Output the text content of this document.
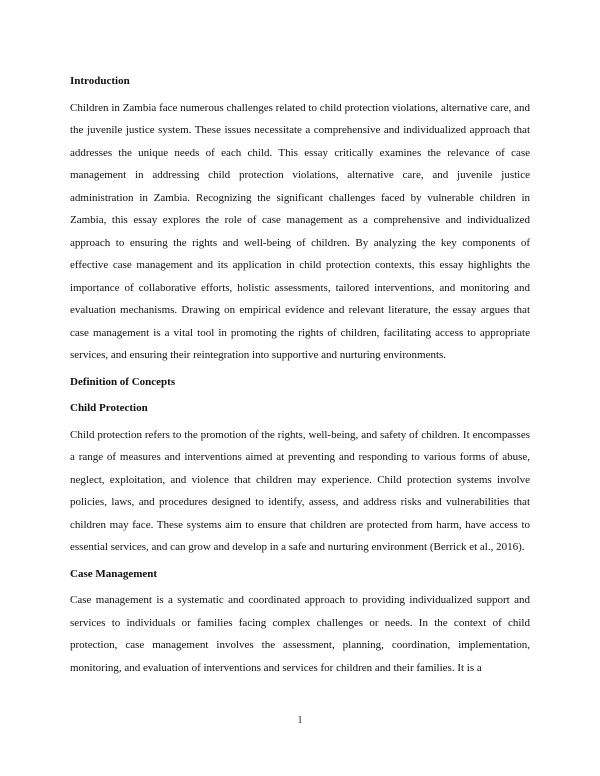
Introduction

Children in Zambia face numerous challenges related to child protection violations, alternative care, and the juvenile justice system. These issues necessitate a comprehensive and individualized approach that addresses the unique needs of each child. This essay critically examines the relevance of case management in addressing child protection violations, alternative care, and juvenile justice administration in Zambia. Recognizing the significant challenges faced by vulnerable children in Zambia, this essay explores the role of case management as a comprehensive and individualized approach to ensuring the rights and well-being of children. By analyzing the key components of effective case management and its application in child protection contexts, this essay highlights the importance of collaborative efforts, holistic assessments, tailored interventions, and monitoring and evaluation mechanisms. Drawing on empirical evidence and relevant literature, the essay argues that case management is a vital tool in promoting the rights of children, facilitating access to appropriate services, and ensuring their reintegration into supportive and nurturing environments.

Definition of Concepts
Child Protection

Child protection refers to the promotion of the rights, well-being, and safety of children. It encompasses a range of measures and interventions aimed at preventing and responding to various forms of abuse, neglect, exploitation, and violence that children may experience. Child protection systems involve policies, laws, and procedures designed to identify, assess, and address risks and vulnerabilities that children may face. These systems aim to ensure that children are protected from harm, have access to essential services, and can grow and develop in a safe and nurturing environment (Berrick et al., 2016).

Case Management

Case management is a systematic and coordinated approach to providing individualized support and services to individuals or families facing complex challenges or needs. In the context of child protection, case management involves the assessment, planning, coordination, implementation, monitoring, and evaluation of interventions and services for children and their families. It is a

1
